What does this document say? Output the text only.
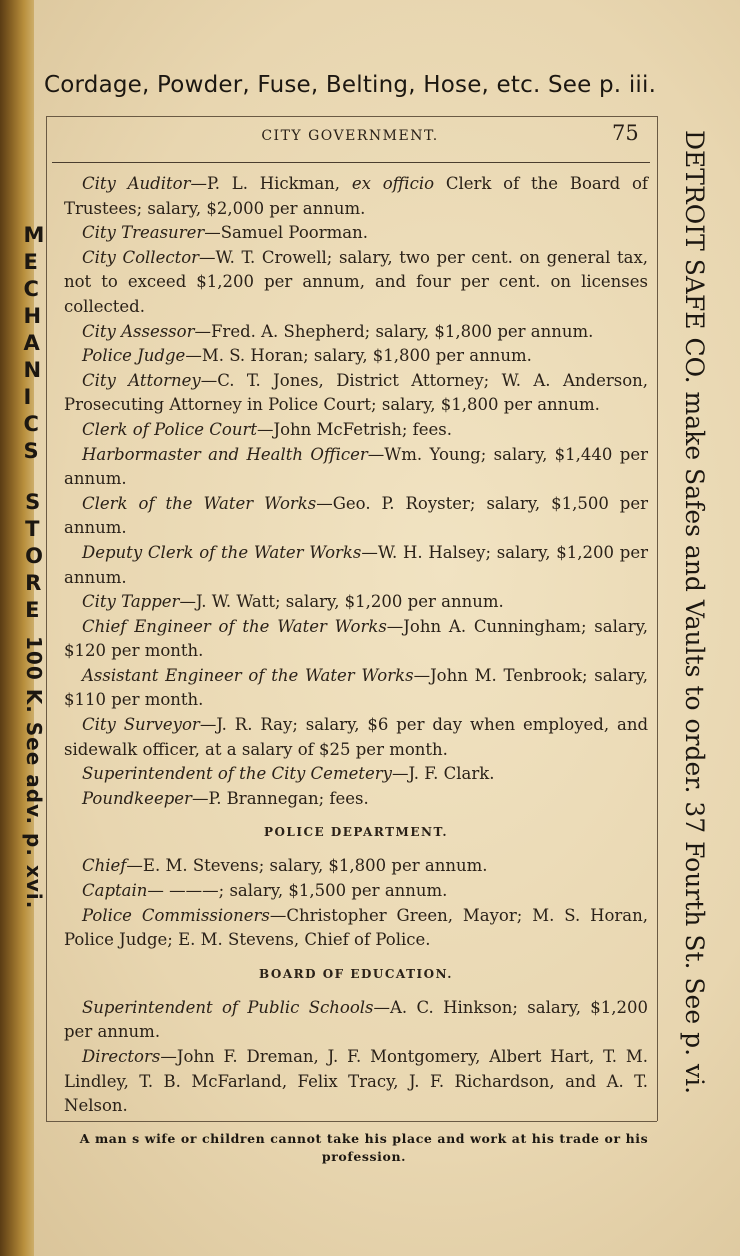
Cordage, Powder, Fuse, Belting, Hose, etc. See p. iii.
M
E
C
H
A
N
I
C
S
S
T
O
R
E
100 K. See adv. p. xvi.	DETROIT SAFE CO. make Safes and Vaults to order. 37 Fourth St. See p. vi.
CITY GOVERNMENT.	75

City Auditor—P. L. Hickman, ex officio Clerk of the Board of Trustees; salary, $2,000 per annum.

City Treasurer—Samuel Poorman.

City Collector—W. T. Crowell; salary, two per cent. on general tax, not to exceed $1,200 per annum, and four per cent. on licenses collected.

City Assessor—Fred. A. Shepherd; salary, $1,800 per annum.

Police Judge—M. S. Horan; salary, $1,800 per annum.

City Attorney—C. T. Jones, District Attorney; W. A. Anderson, Prosecuting Attorney in Police Court; salary, $1,800 per annum.

Clerk of Police Court—John McFetrish; fees.

Harbormaster and Health Officer—Wm. Young; salary, $1,440 per annum.

Clerk of the Water Works—Geo. P. Royster; salary, $1,500 per annum.

Deputy Clerk of the Water Works—W. H. Halsey; salary, $1,200 per annum.

City Tapper—J. W. Watt; salary, $1,200 per annum.

Chief Engineer of the Water Works—John A. Cunningham; salary, $120 per month.

Assistant Engineer of the Water Works—John M. Tenbrook; salary, $110 per month.

City Surveyor—J. R. Ray; salary, $6 per day when employed, and sidewalk officer, at a salary of $25 per month.

Superintendent of the City Cemetery—J. F. Clark.

Poundkeeper—P. Brannegan; fees.

POLICE DEPARTMENT.

Chief—E. M. Stevens; salary, $1,800 per annum.

Captain— ———; salary, $1,500 per annum.

Police Commissioners—Christopher Green, Mayor; M. S. Horan, Police Judge; E. M. Stevens, Chief of Police.

BOARD OF EDUCATION.

Superintendent of Public Schools—A. C. Hinkson; salary, $1,200 per annum.

Directors—John F. Dreman, J. F. Montgomery, Albert Hart, T. M. Lindley, T. B. McFarland, Felix Tracy, J. F. Richardson, and A. T. Nelson.

A man s wife or children cannot take his place and work at his trade or his profession.
